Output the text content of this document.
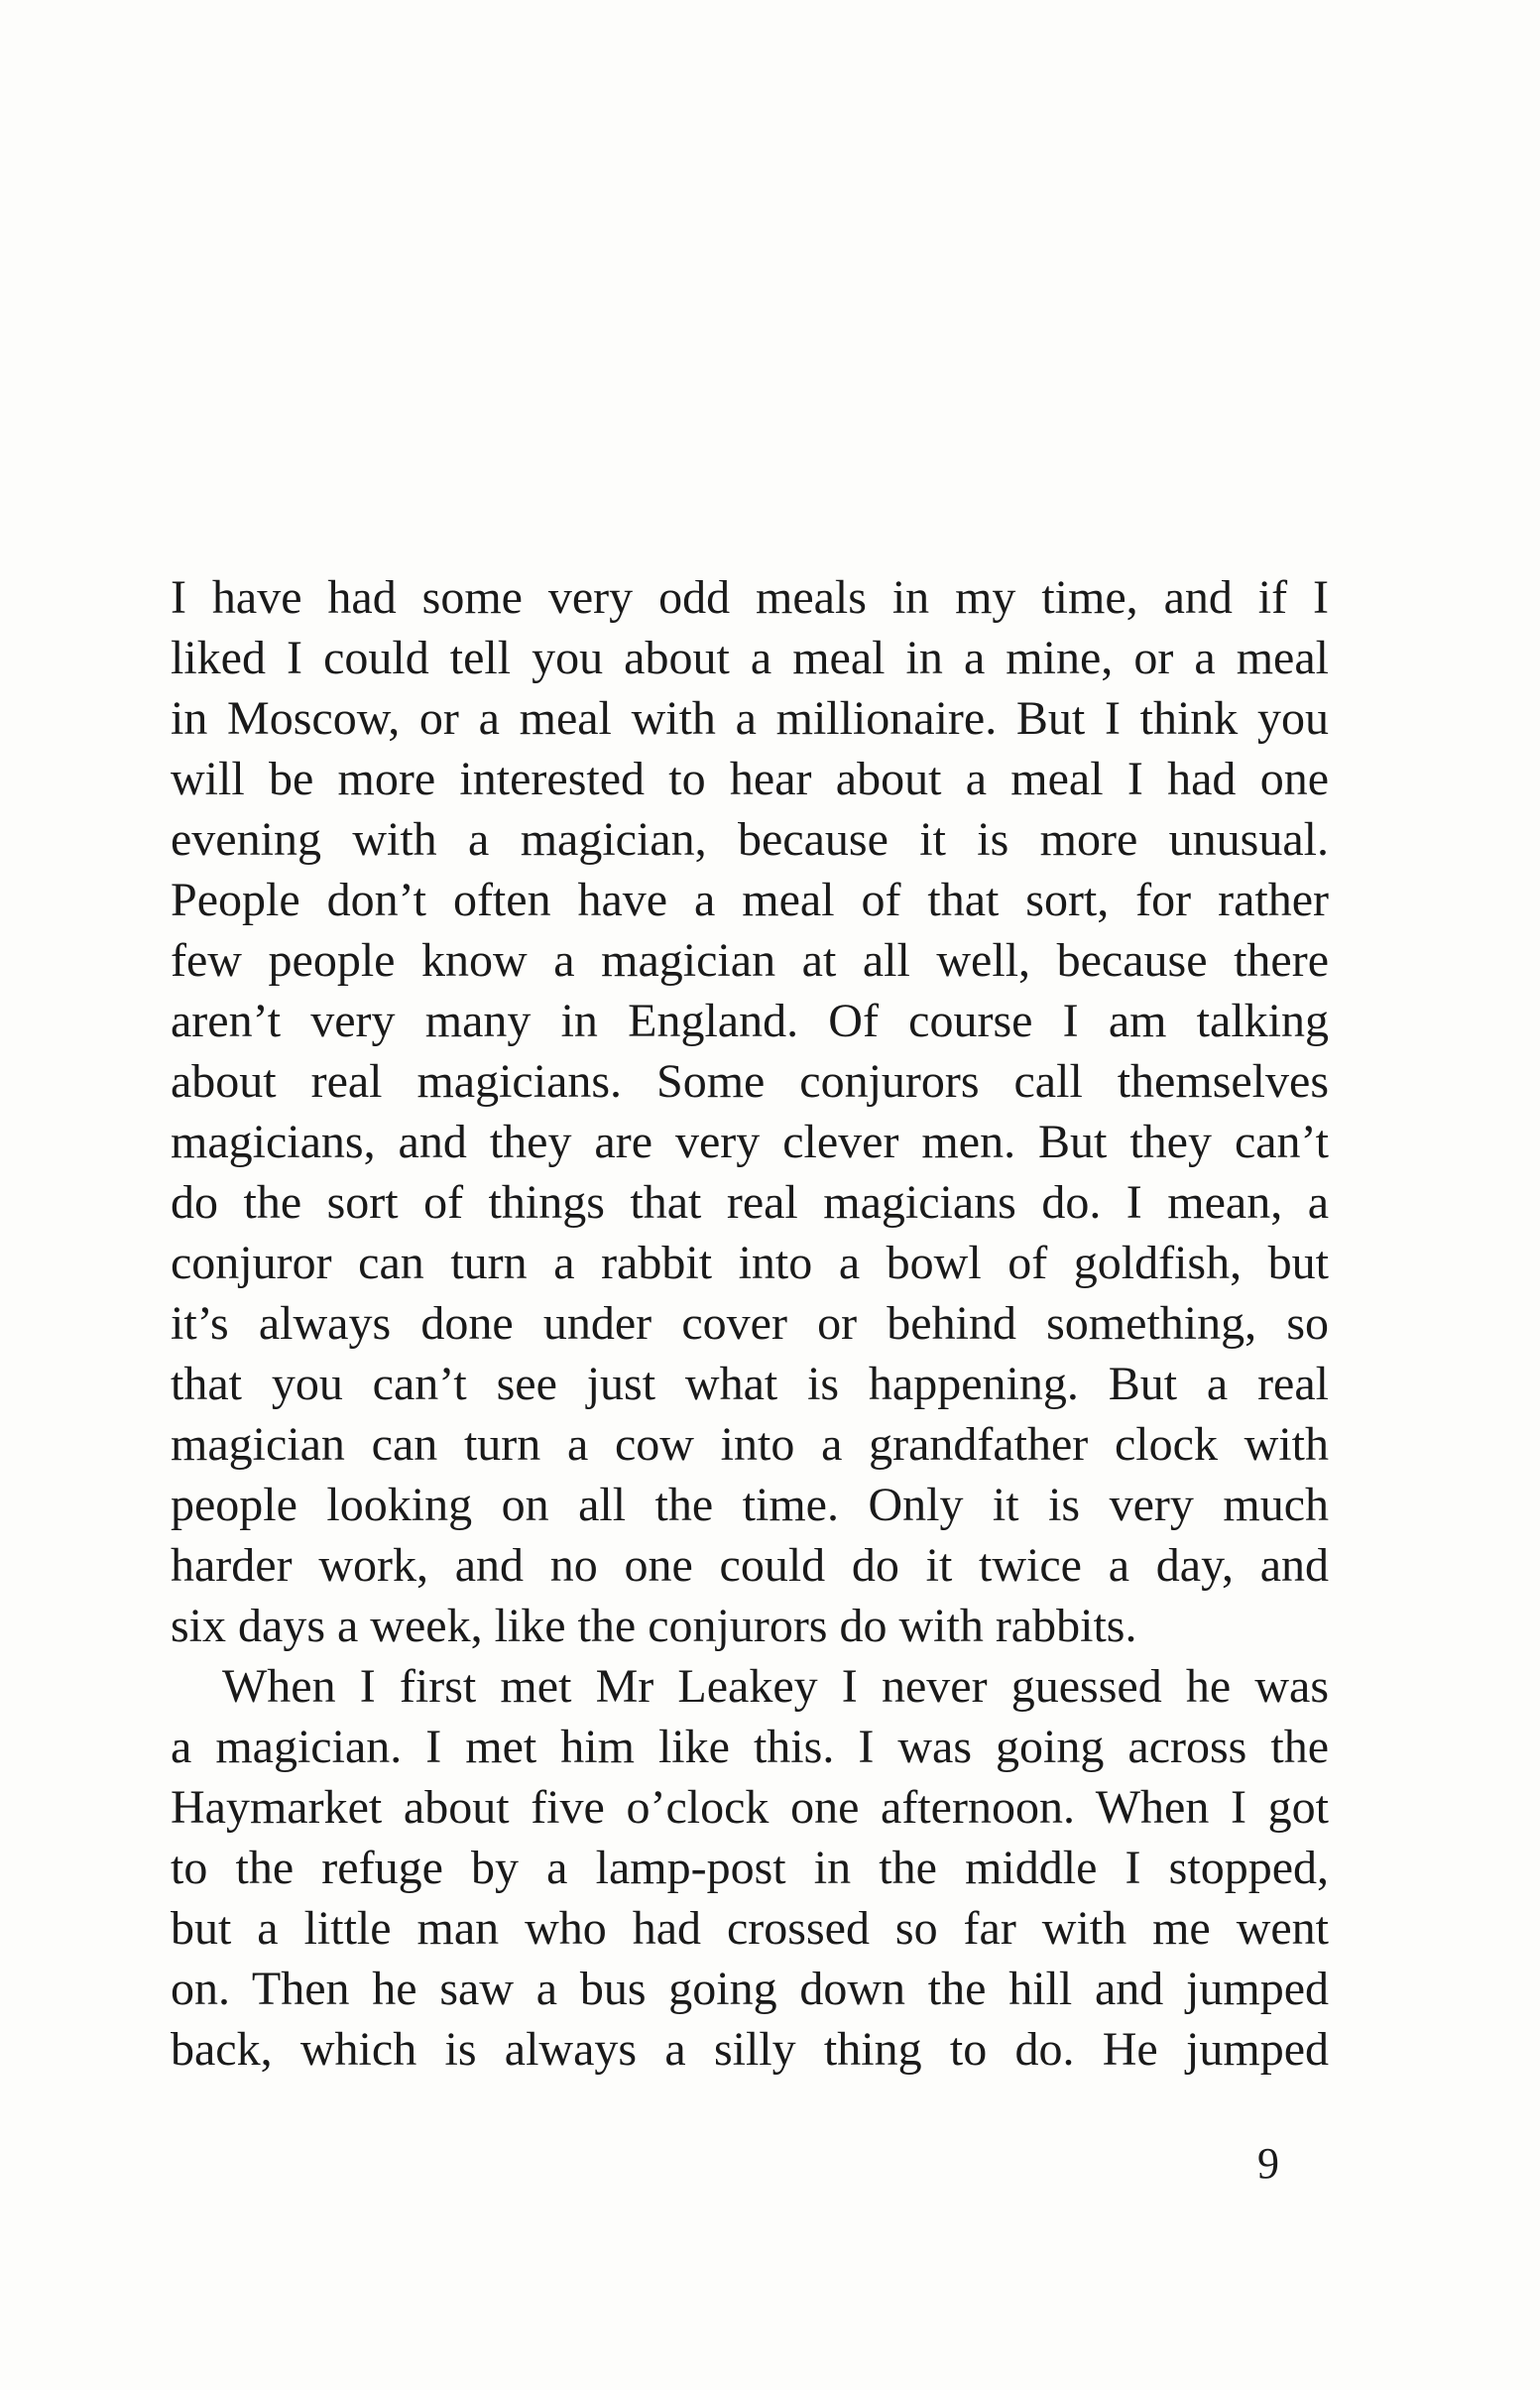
I have had some very odd meals in my time, and if I
liked I could tell you about a meal in a mine, or a meal
in Moscow, or a meal with a millionaire. But I think you
will be more interested to hear about a meal I had one
evening with a magician, because it is more unusual.
People don’t often have a meal of that sort, for rather
few people know a magician at all well, because there
aren’t very many in England. Of course I am talking
about real magicians. Some conjurors call themselves
magicians, and they are very clever men. But they can’t
do the sort of things that real magicians do. I mean, a
conjuror can turn a rabbit into a bowl of goldfish, but
it’s always done under cover or behind something, so
that you can’t see just what is happening. But a real
magician can turn a cow into a grandfather clock with
people looking on all the time. Only it is very much
harder work, and no one could do it twice a day, and
six days a week, like the conjurors do with rabbits.
When I first met Mr Leakey I never guessed he was
a magician. I met him like this. I was going across the
Haymarket about five o’clock one afternoon. When I got
to the refuge by a lamp-post in the middle I stopped,
but a little man who had crossed so far with me went
on. Then he saw a bus going down the hill and jumped
back, which is always a silly thing to do. He jumped
9
